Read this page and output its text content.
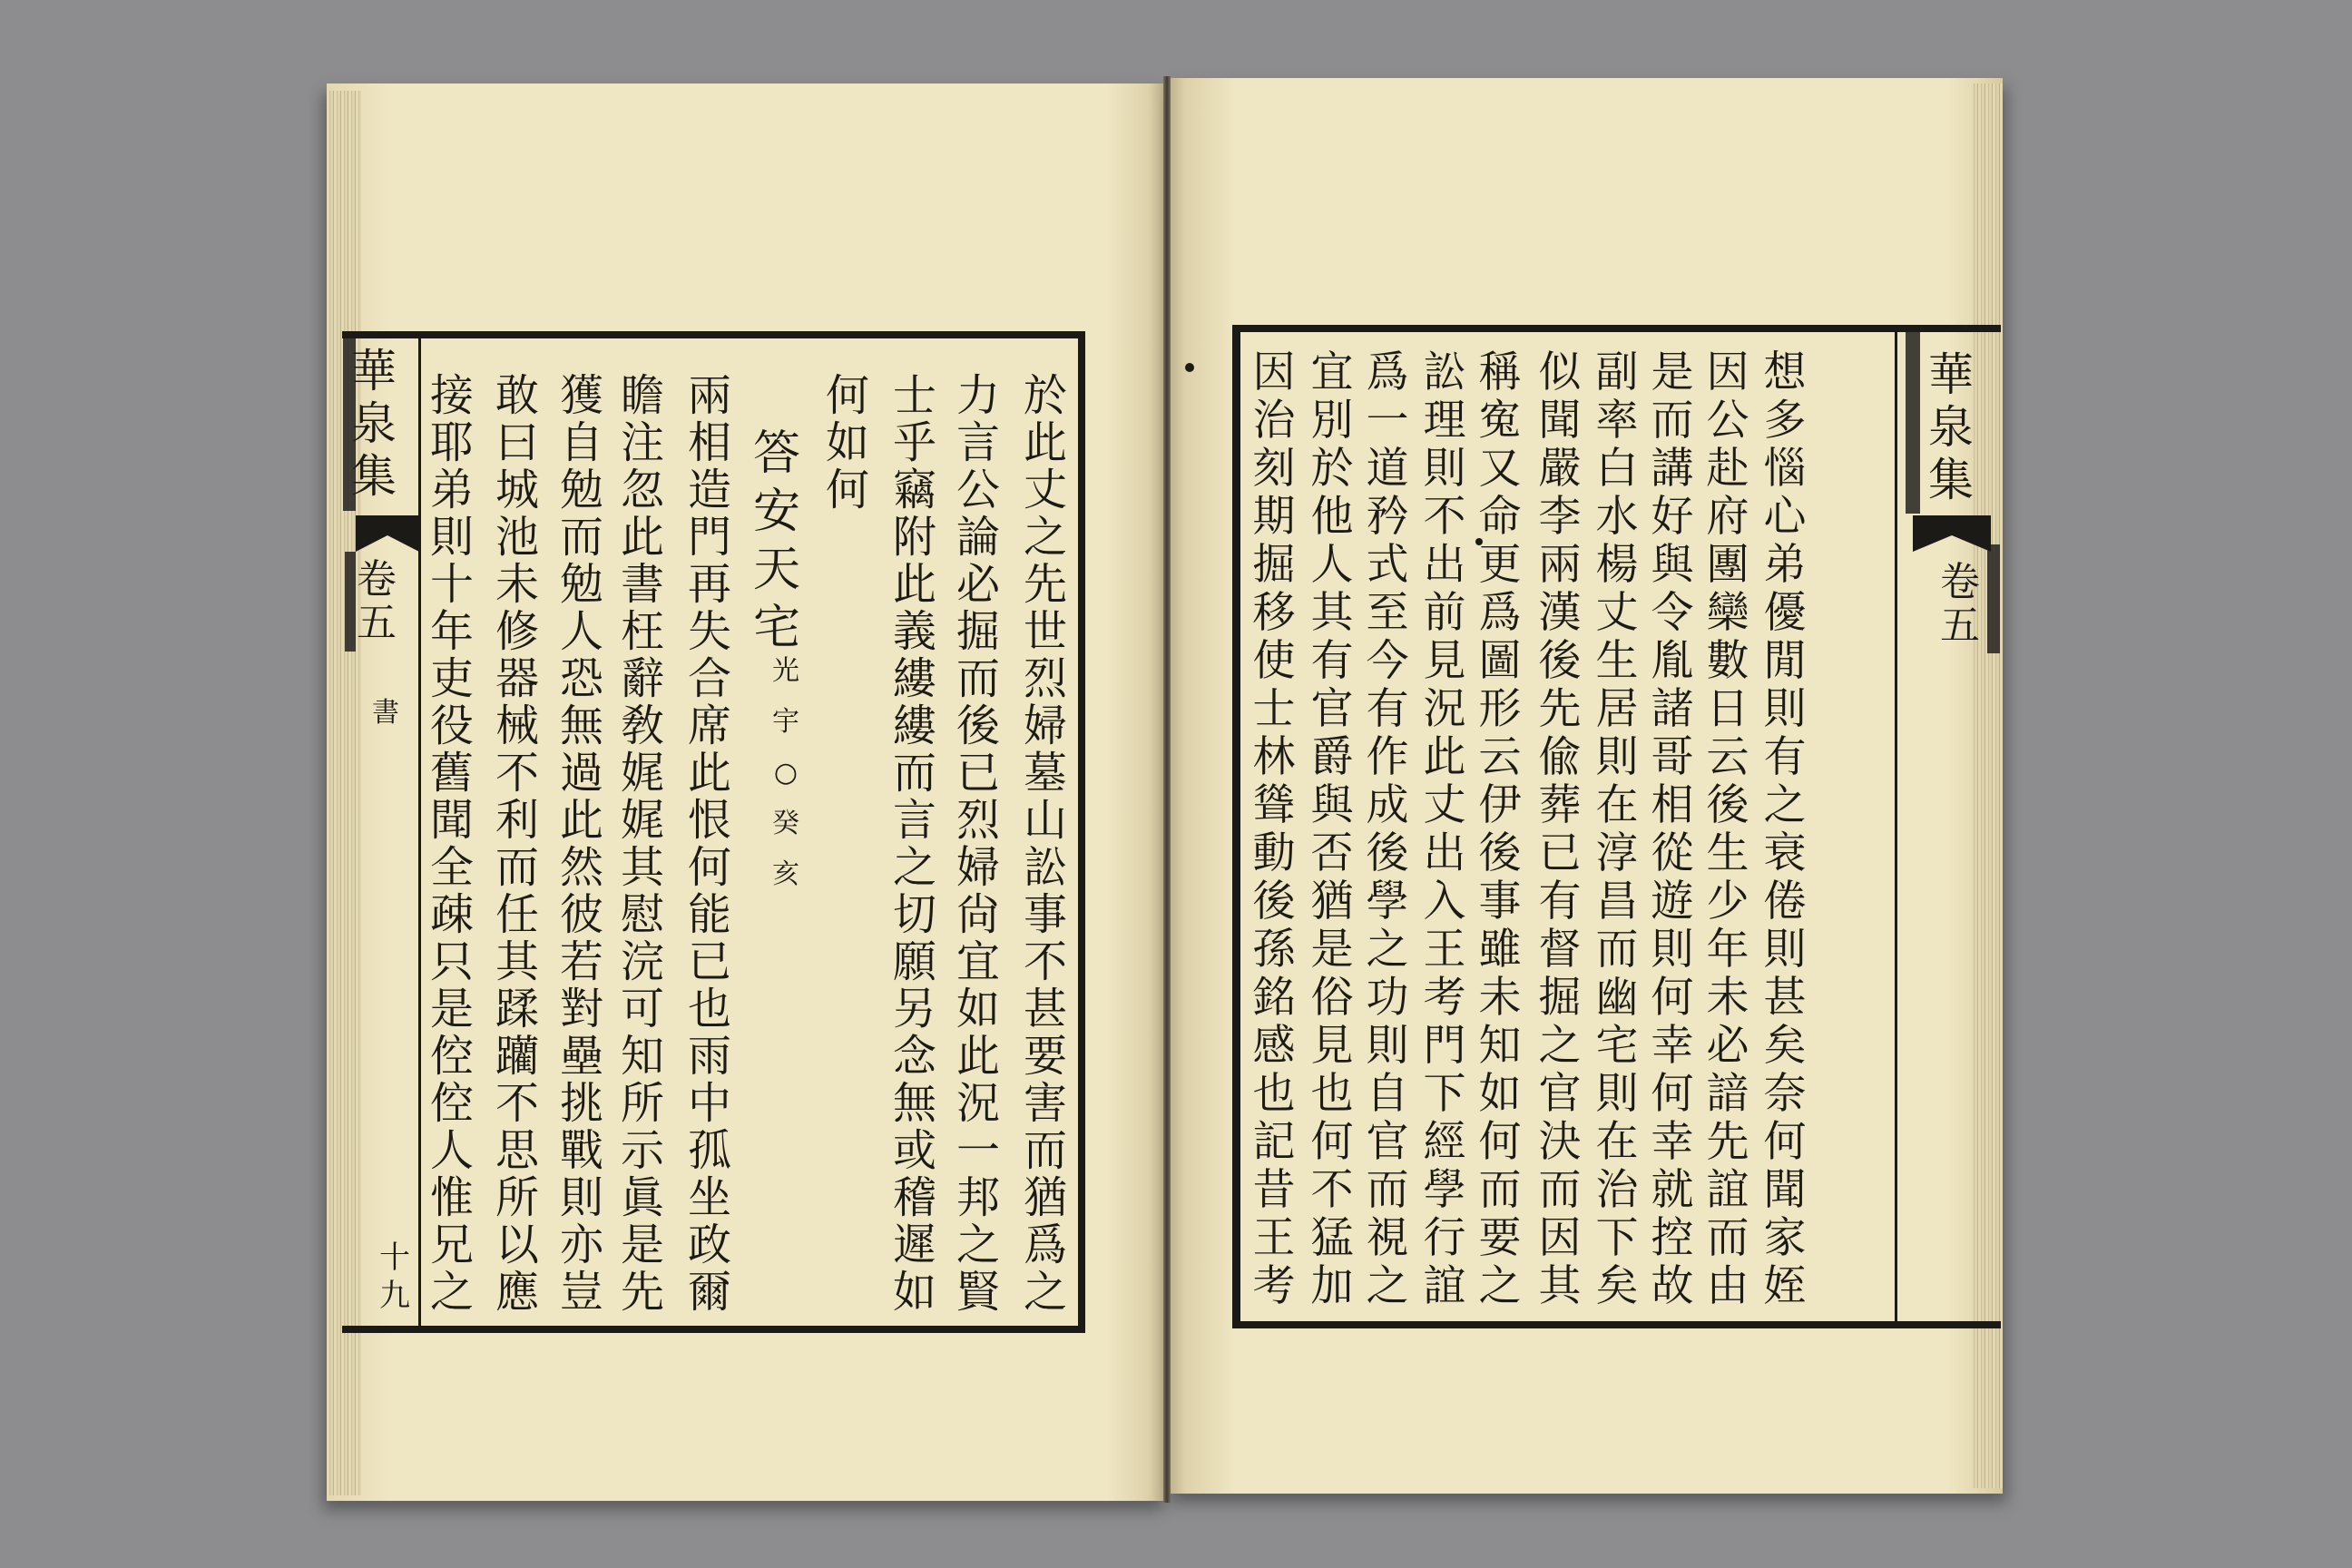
華
泉
集
卷
五
書
十
九
華
泉
集
卷
五
於
此
丈
之
先
世
烈
婦
墓
山
訟
事
不
甚
要
害
而
猶
爲
之
力
言
公
論
必
掘
而
後
已
烈
婦
尙
宜
如
此
況
一
邦
之
賢
士
乎
竊
附
此
義
縷
縷
而
言
之
切
願
另
念
無
或
稽
遲
如
何
如
何
答
安
天
宅
光
宇
○
癸
亥
兩
相
造
門
再
失
合
席
此
恨
何
能
已
也
雨
中
孤
坐
政
爾
瞻
注
忽
此
書
枉
辭
敎
娓
娓
其
慰
浣
可
知
所
示
眞
是
先
獲
自
勉
而
勉
人
恐
無
過
此
然
彼
若
對
壘
挑
戰
則
亦
豈
敢
曰
城
池
未
修
器
械
不
利
而
任
其
蹂
躪
不
思
所
以
應
接
耶
弟
則
十
年
吏
役
舊
聞
全
疎
只
是
倥
倥
人
惟
兄
之
想
多
惱
心
弟
優
閒
則
有
之
衰
倦
則
甚
矣
奈
何
聞
家
姪
因
公
赴
府
團
欒
數
日
云
後
生
少
年
未
必
諳
先
誼
而
由
是
而
講
好
與
令
胤
諸
哥
相
從
遊
則
何
幸
何
幸
就
控
故
副
率
白
水
楊
丈
生
居
則
在
淳
昌
而
幽
宅
則
在
治
下
矣
似
聞
嚴
李
兩
漢
後
先
偸
葬
已
有
督
掘
之
官
決
而
因
其
稱
寃
又
命
更
爲
圖
形
云
伊
後
事
雖
未
知
如
何
而
要
之
訟
理
則
不
出
前
見
況
此
丈
出
入
王
考
門
下
經
學
行
誼
爲
一
道
矜
式
至
今
有
作
成
後
學
之
功
則
自
官
而
視
之
宜
別
於
他
人
其
有
官
爵
與
否
猶
是
俗
見
也
何
不
猛
加
因
治
刻
期
掘
移
使
士
林
聳
動
後
孫
銘
感
也
記
昔
王
考
